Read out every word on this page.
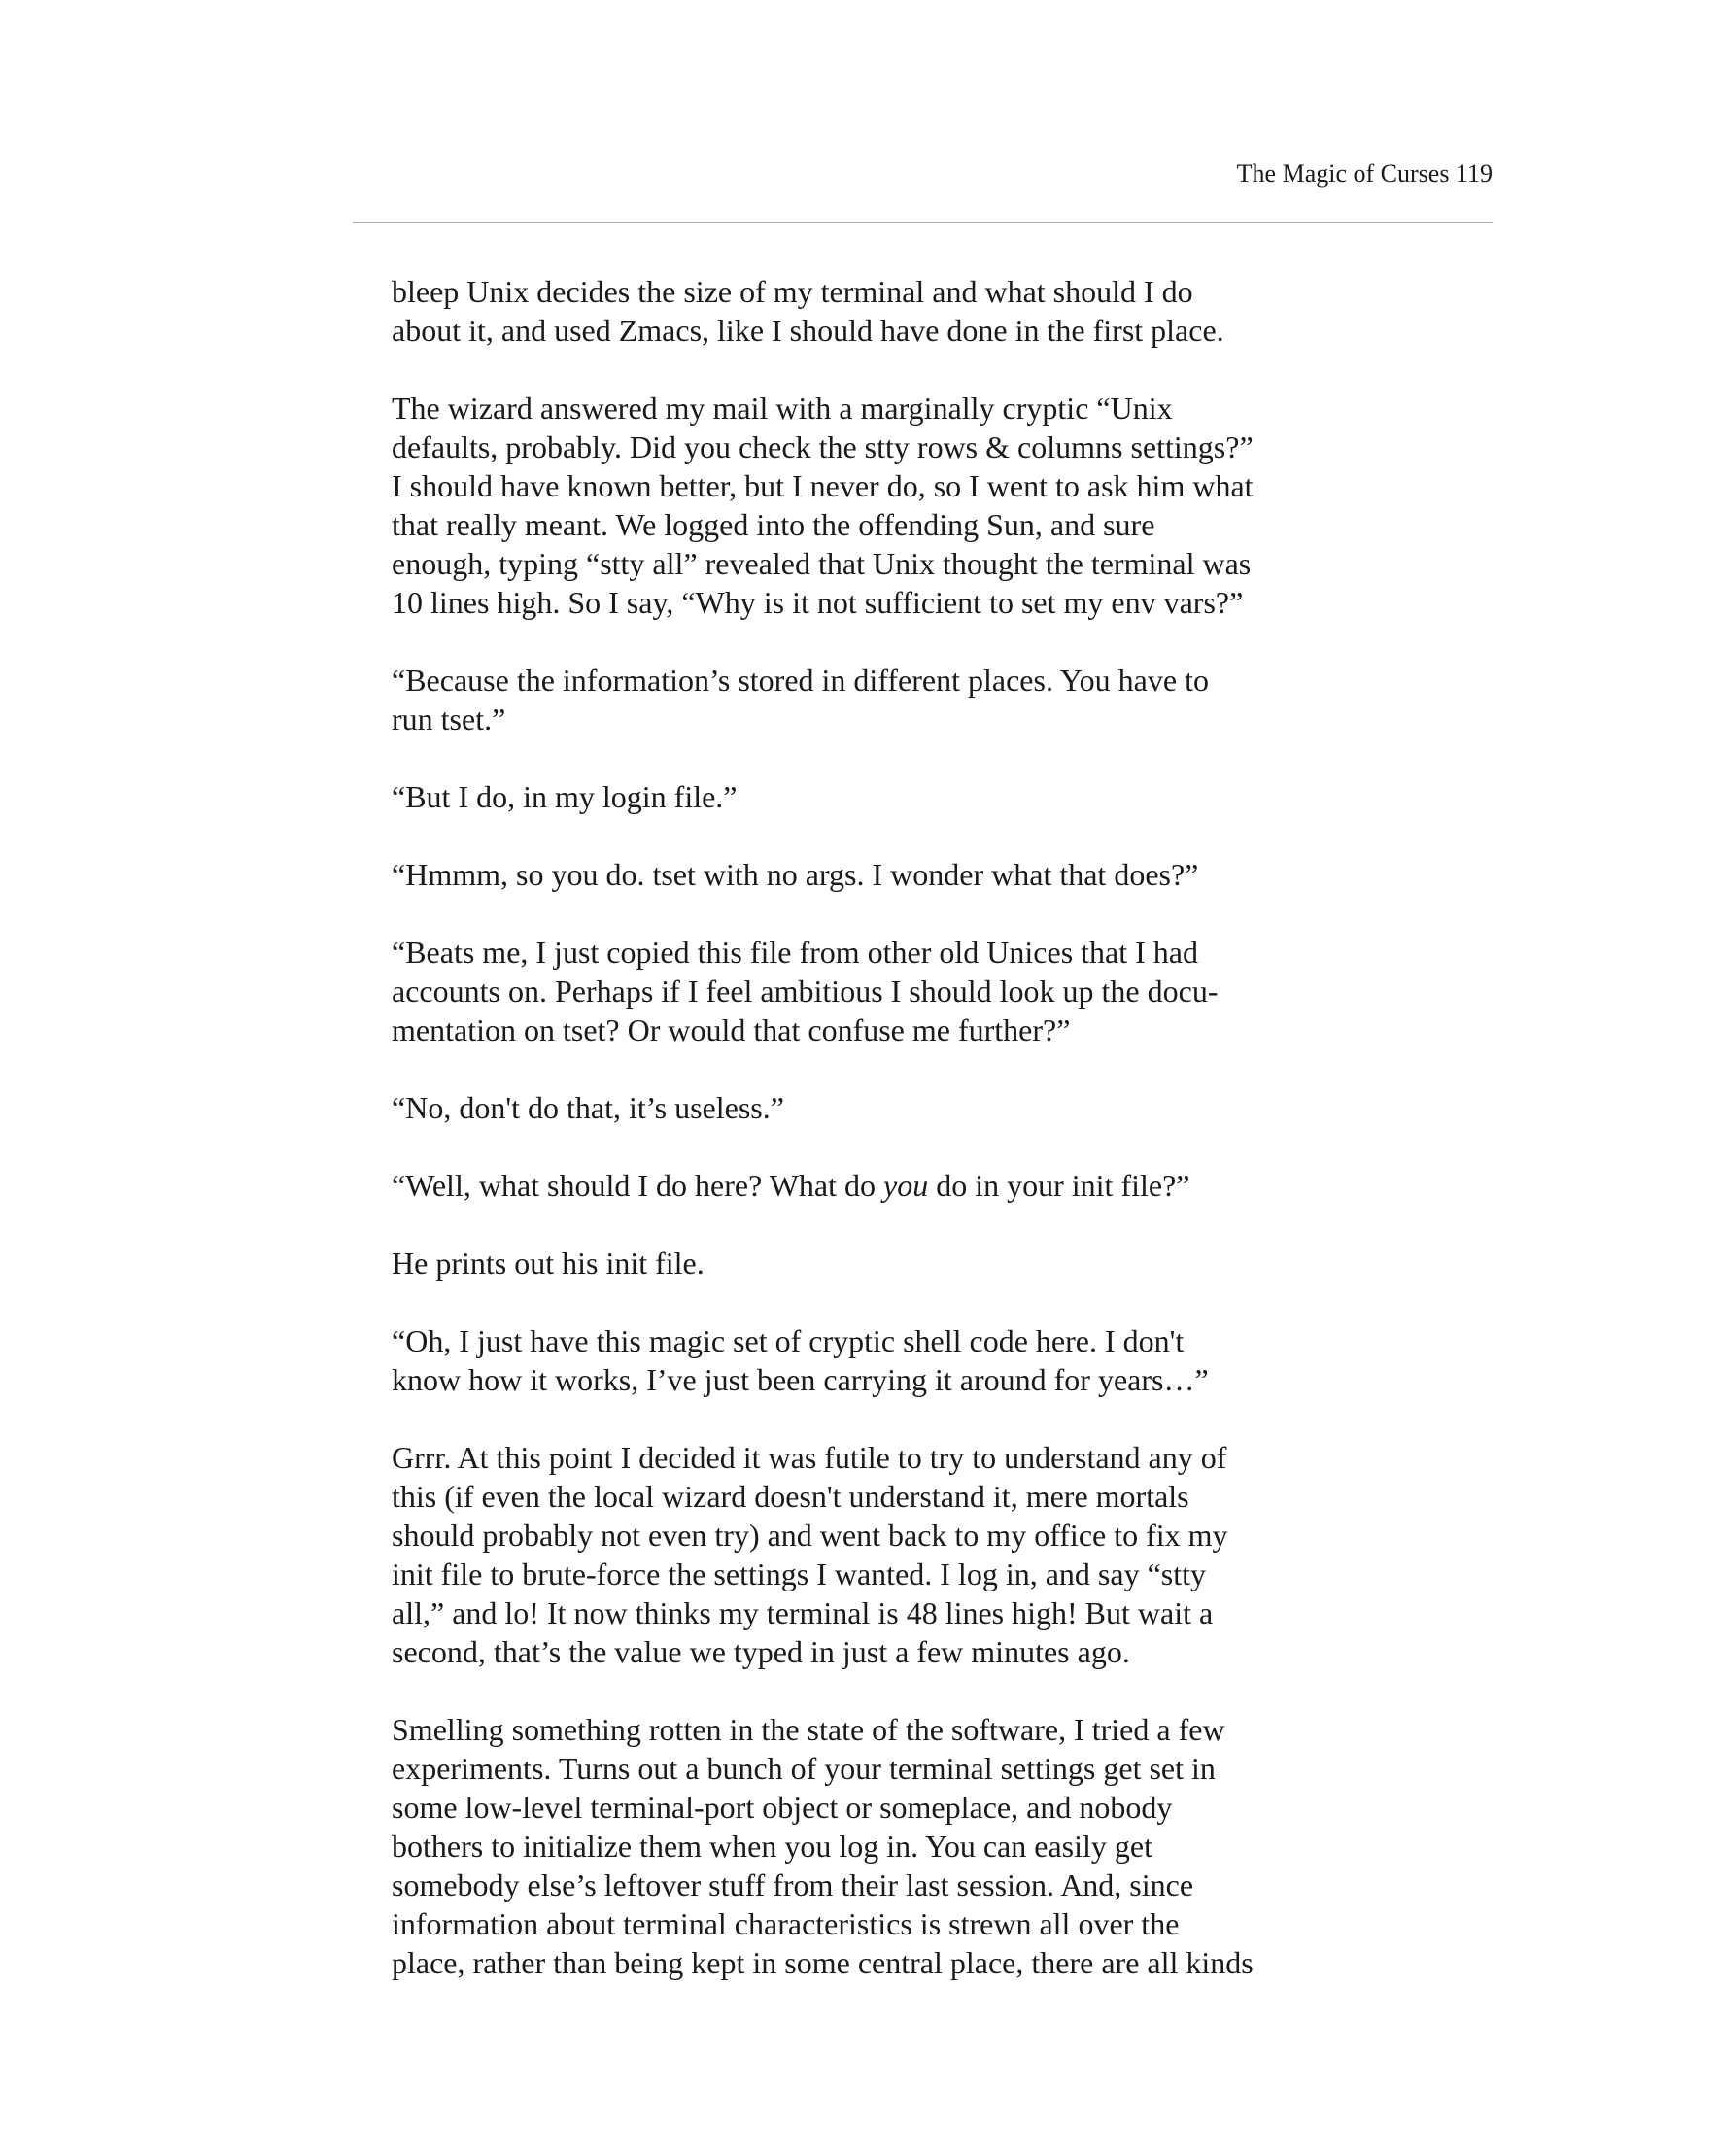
The Magic of Curses 119

bleep Unix decides the size of my terminal and what should I do
about it, and used Zmacs, like I should have done in the first place.

The wizard answered my mail with a marginally cryptic “Unix
defaults, probably. Did you check the stty rows & columns settings?”
I should have known better, but I never do, so I went to ask him what
that really meant. We logged into the offending Sun, and sure
enough, typing “stty all” revealed that Unix thought the terminal was
10 lines high. So I say, “Why is it not sufficient to set my env vars?”

“Because the information’s stored in different places. You have to
run tset.”

“But I do, in my login file.”

“Hmmm, so you do. tset with no args. I wonder what that does?”

“Beats me, I just copied this file from other old Unices that I had
accounts on. Perhaps if I feel ambitious I should look up the docu-
mentation on tset? Or would that confuse me further?”

“No, don't do that, it’s useless.”

“Well, what should I do here? What do you do in your init file?”

He prints out his init file.

“Oh, I just have this magic set of cryptic shell code here. I don't
know how it works, I’ve just been carrying it around for years…”

Grrr. At this point I decided it was futile to try to understand any of
this (if even the local wizard doesn't understand it, mere mortals
should probably not even try) and went back to my office to fix my
init file to brute-force the settings I wanted. I log in, and say “stty
all,” and lo! It now thinks my terminal is 48 lines high! But wait a
second, that’s the value we typed in just a few minutes ago.

Smelling something rotten in the state of the software, I tried a few
experiments. Turns out a bunch of your terminal settings get set in
some low-level terminal-port object or someplace, and nobody
bothers to initialize them when you log in. You can easily get
somebody else’s leftover stuff from their last session. And, since
information about terminal characteristics is strewn all over the
place, rather than being kept in some central place, there are all kinds
